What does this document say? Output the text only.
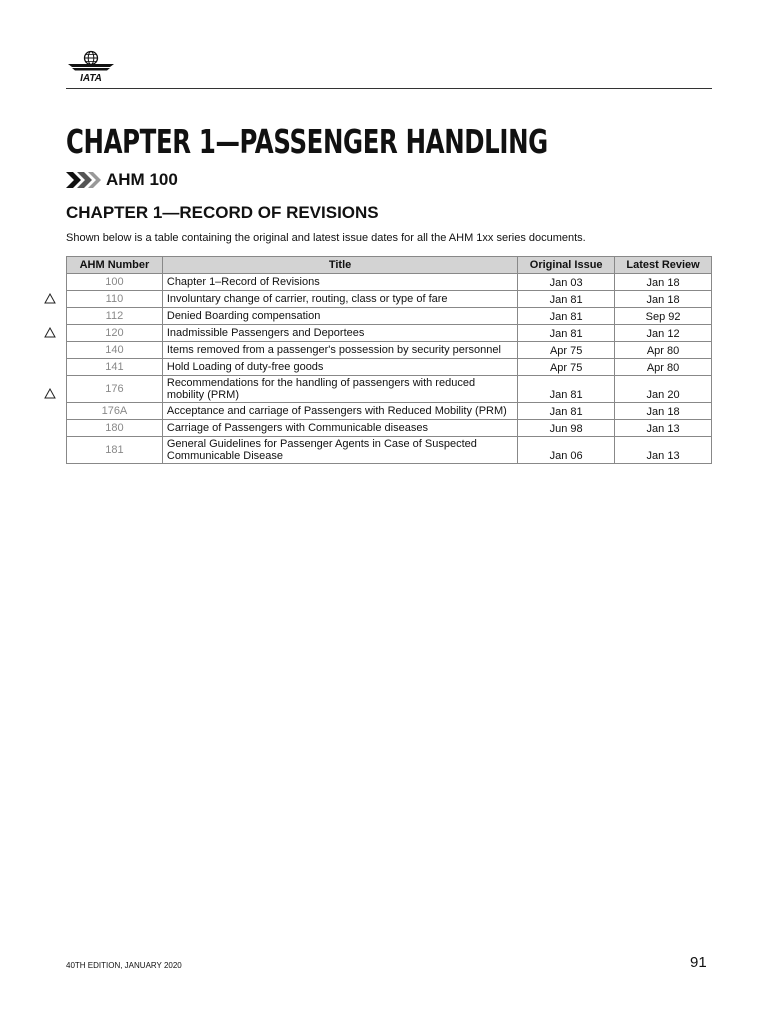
IATA
CHAPTER 1—PASSENGER HANDLING
AHM 100
CHAPTER 1—RECORD OF REVISIONS

Shown below is a table containing the original and latest issue dates for all the AHM 1xx series documents.

AHM Number	Title	Original Issue	Latest Review
100	Chapter 1–Record of Revisions	Jan 03	Jan 18
110	Involuntary change of carrier, routing, class or type of fare	Jan 81	Jan 18
112	Denied Boarding compensation	Jan 81	Sep 92
120	Inadmissible Passengers and Deportees	Jan 81	Jan 12
140	Items removed from a passenger's possession by security personnel	Apr 75	Apr 80
141	Hold Loading of duty-free goods	Apr 75	Apr 80
176	Recommendations for the handling of passengers with reduced mobility (PRM)	Jan 81	Jan 20
176A	Acceptance and carriage of Passengers with Reduced Mobility (PRM)	Jan 81	Jan 18
180	Carriage of Passengers with Communicable diseases	Jun 98	Jan 13
181	General Guidelines for Passenger Agents in Case of Suspected Communicable Disease	Jan 06	Jan 13
40TH EDITION, JANUARY 2020	91
